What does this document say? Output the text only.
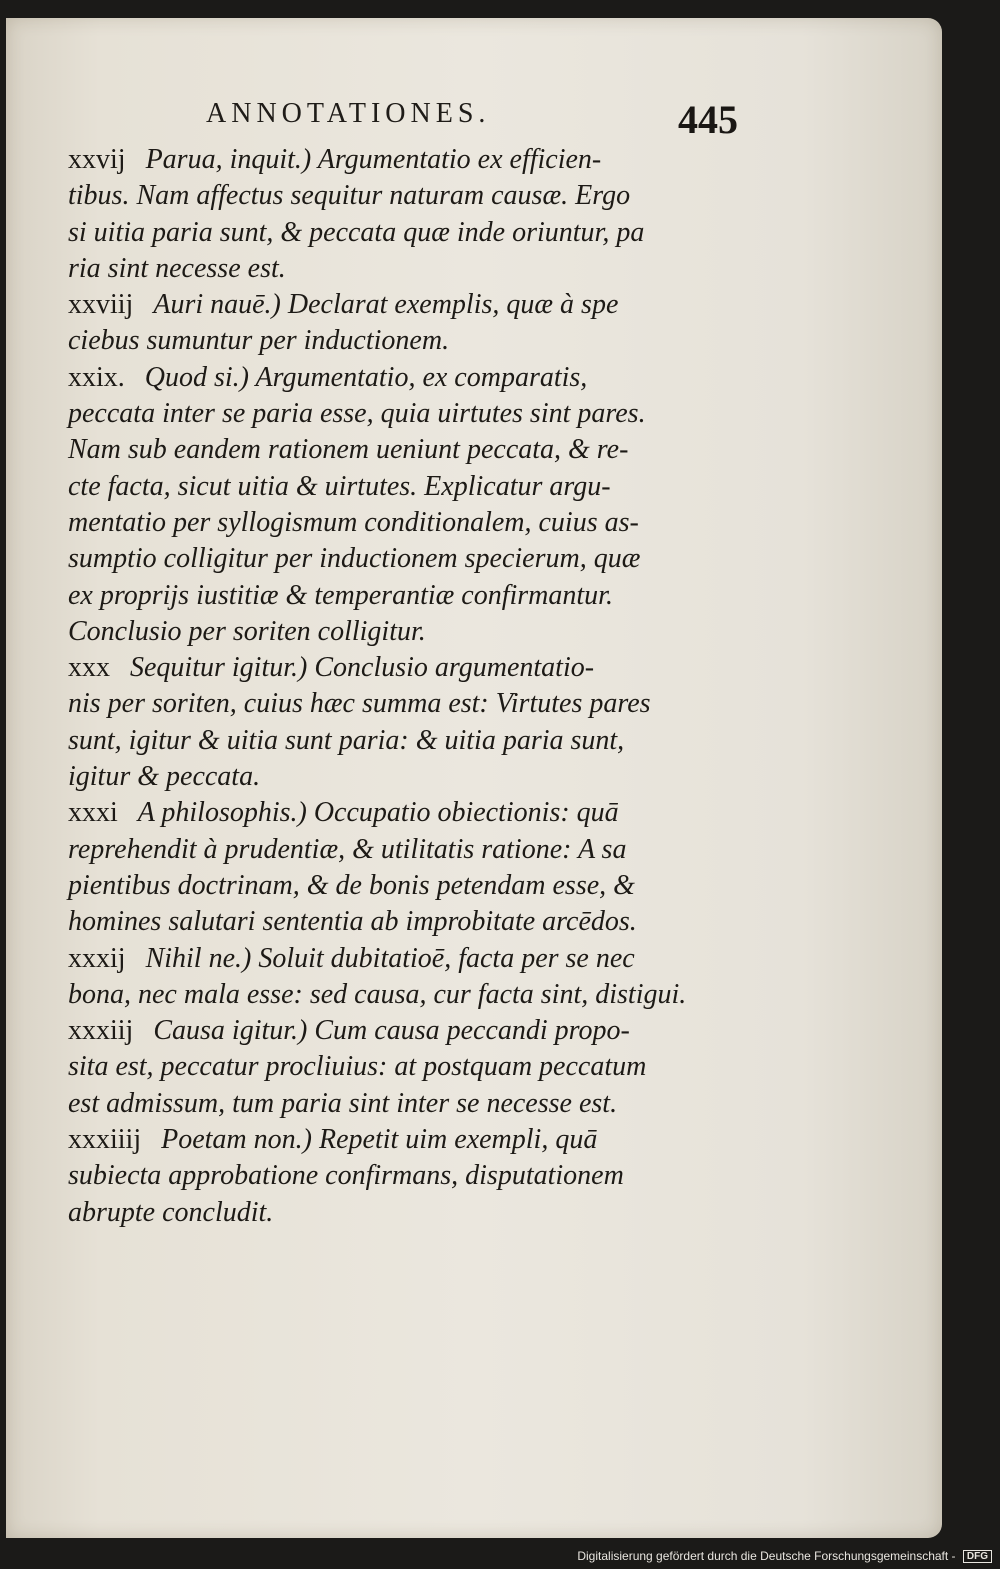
ANNOTATIONES.	445
xxvij Parua, inquit.) Argumentatio ex efficien-
tibus. Nam affectus sequitur naturam causæ. Ergo
si uitia paria sunt, & peccata quæ inde oriuntur, pa
ria sint necesse est.
xxviij Auri nauē.) Declarat exemplis, quæ à spe
ciebus sumuntur per inductionem.
xxix. Quod si.) Argumentatio, ex comparatis,
peccata inter se paria esse, quia uirtutes sint pares.
Nam sub eandem rationem ueniunt peccata, & re-
cte facta, sicut uitia & uirtutes. Explicatur argu-
mentatio per syllogismum conditionalem, cuius as-
sumptio colligitur per inductionem specierum, quæ
ex proprijs iustitiæ & temperantiæ confirmantur.
Conclusio per soriten colligitur.
xxx Sequitur igitur.) Conclusio argumentatio-
nis per soriten, cuius hæc summa est: Virtutes pares
sunt, igitur & uitia sunt paria: & uitia paria sunt,
igitur & peccata.
xxxi A philosophis.) Occupatio obiectionis: quā
reprehendit à prudentiæ, & utilitatis ratione: A sa
pientibus doctrinam, & de bonis petendam esse, &
homines salutari sententia ab improbitate arcēdos.
xxxij Nihil ne.) Soluit dubitatioē, facta per se nec
bona, nec mala esse: sed causa, cur facta sint, distigui.
xxxiij Causa igitur.) Cum causa peccandi propo-
sita est, peccatur procliuius: at postquam peccatum
est admissum, tum paria sint inter se necesse est.
xxxiiij Poetam non.) Repetit uim exempli, quā
subiecta approbatione confirmans, disputationem
abrupte concludit.
Digitalisierung gefördert durch die Deutsche Forschungsgemeinschaft - DFG
